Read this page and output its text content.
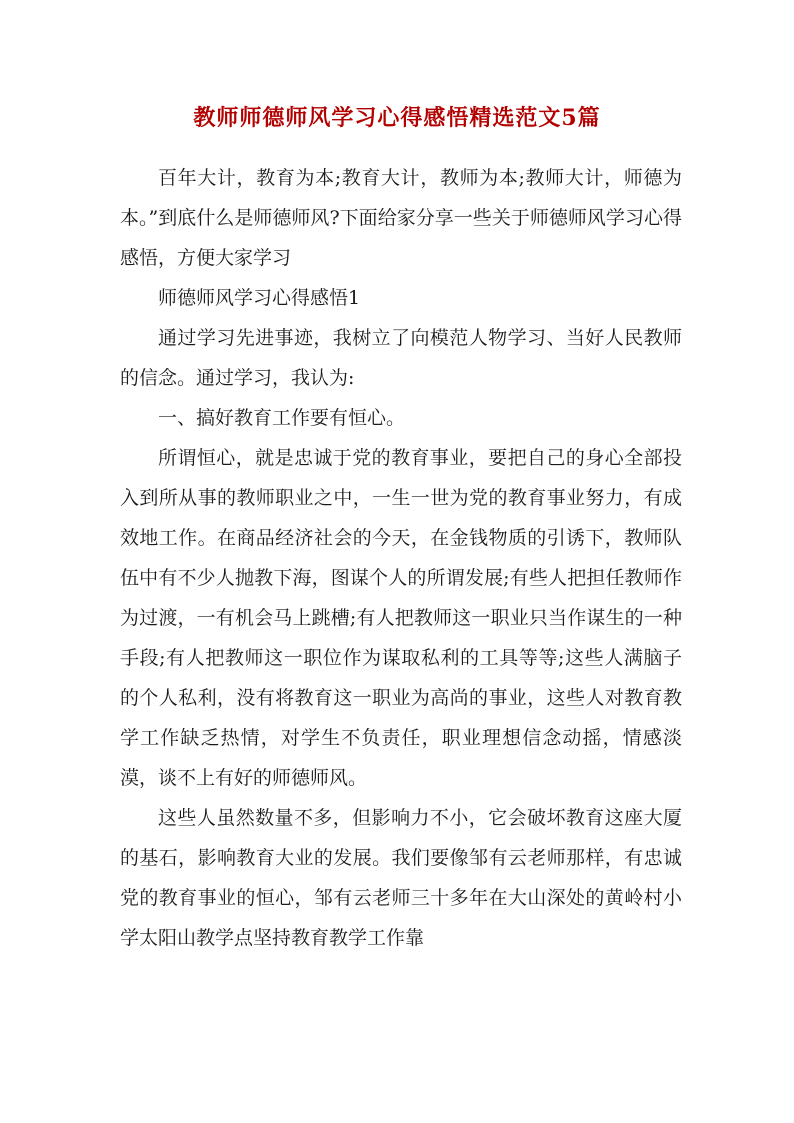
教师师德师风学习心得感悟精选范文5篇

百年大计，教育为本;教育大计，教师为本;教师大计，师德为本。”到底什么是师德师风?下面给家分享一些关于师德师风学习心得感悟，方便大家学习

师德师风学习心得感悟1

通过学习先进事迹，我树立了向模范人物学习、当好人民教师的信念。通过学习，我认为:

一、搞好教育工作要有恒心。

所谓恒心，就是忠诚于党的教育事业，要把自己的身心全部投入到所从事的教师职业之中，一生一世为党的教育事业努力，有成效地工作。在商品经济社会的今天，在金钱物质的引诱下，教师队伍中有不少人抛教下海，图谋个人的所谓发展;有些人把担任教师作为过渡，一有机会马上跳槽;有人把教师这一职业只当作谋生的一种手段;有人把教师这一职位作为谋取私利的工具等等;这些人满脑子的个人私利，没有将教育这一职业为高尚的事业，这些人对教育教学工作缺乏热情，对学生不负责任，职业理想信念动摇，情感淡漠，谈不上有好的师德师风。

这些人虽然数量不多，但影响力不小，它会破坏教育这座大厦的基石，影响教育大业的发展。我们要像邹有云老师那样，有忠诚党的教育事业的恒心，邹有云老师三十多年在大山深处的黄岭村小学太阳山教学点坚持教育教学工作靠
